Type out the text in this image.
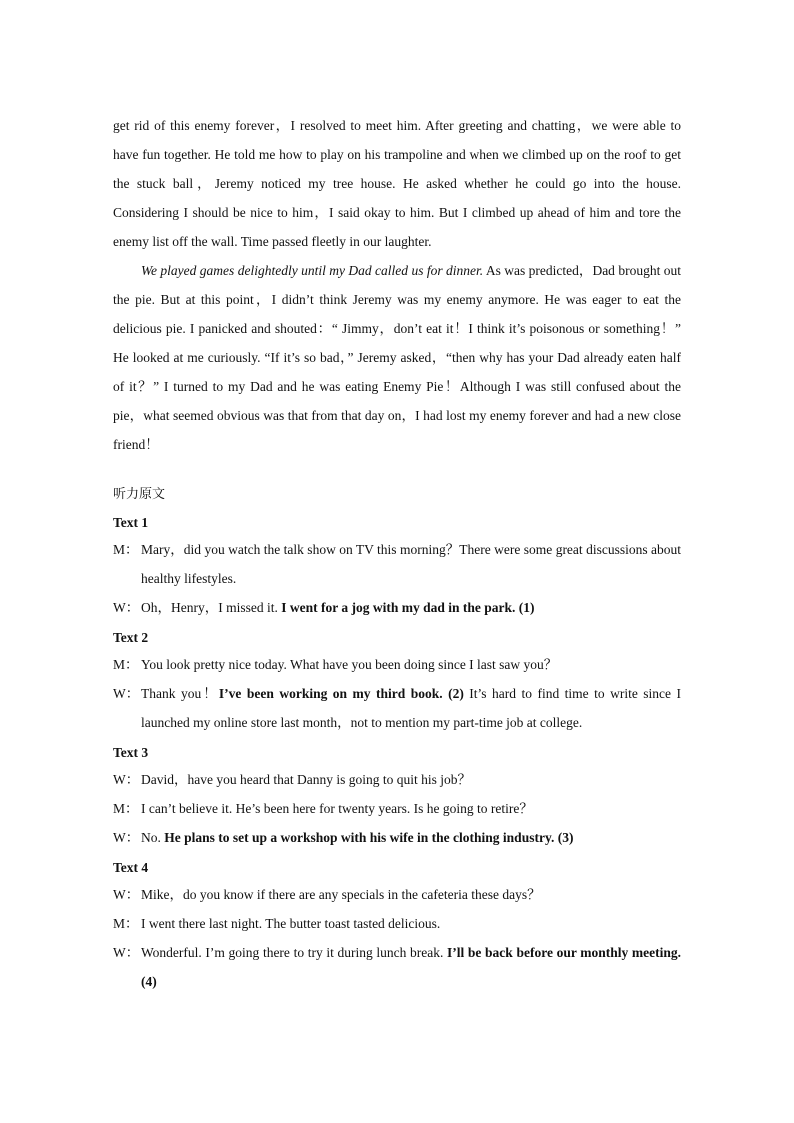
get rid of this enemy forever，I resolved to meet him. After greeting and chatting，we were able to have fun together. He told me how to play on his trampoline and when we climbed up on the roof to get the stuck ball，Jeremy noticed my tree house. He asked whether he could go into the house. Considering I should be nice to him，I said okay to him. But I climbed up ahead of him and tore the enemy list off the wall. Time passed fleetly in our laughter.

We played games delightedly until my Dad called us for dinner. As was predicted，Dad brought out the pie. But at this point，I didn’t think Jeremy was my enemy anymore. He was eager to eat the delicious pie. I panicked and shouted：“ Jimmy，don’t eat it！I think it’s poisonous or something！” He looked at me curiously. “If it’s so bad，” Jeremy asked，“then why has your Dad already eaten half of it？” I turned to my Dad and he was eating Enemy Pie！Although I was still confused about the pie，what seemed obvious was that from that day on，I had lost my enemy forever and had a new close friend！

听力原文
Text 1

M： Mary，did you watch the talk show on TV this morning？There were some great discussions about healthy lifestyles.

W： Oh，Henry，I missed it. I went for a jog with my dad in the park. (1)

Text 2

M： You look pretty nice today. What have you been doing since I last saw you？

W： Thank you！I’ve been working on my third book. (2) It’s hard to find time to write since I launched my online store last month，not to mention my part-time job at college.

Text 3

W： David，have you heard that Danny is going to quit his job？

M： I can’t believe it. He’s been here for twenty years. Is he going to retire？

W： No. He plans to set up a workshop with his wife in the clothing industry. (3)

Text 4

W： Mike，do you know if there are any specials in the cafeteria these days？

M： I went there last night. The butter toast tasted delicious.

W： Wonderful. I’m going there to try it during lunch break. I’ll be back before our monthly meeting. (4)
